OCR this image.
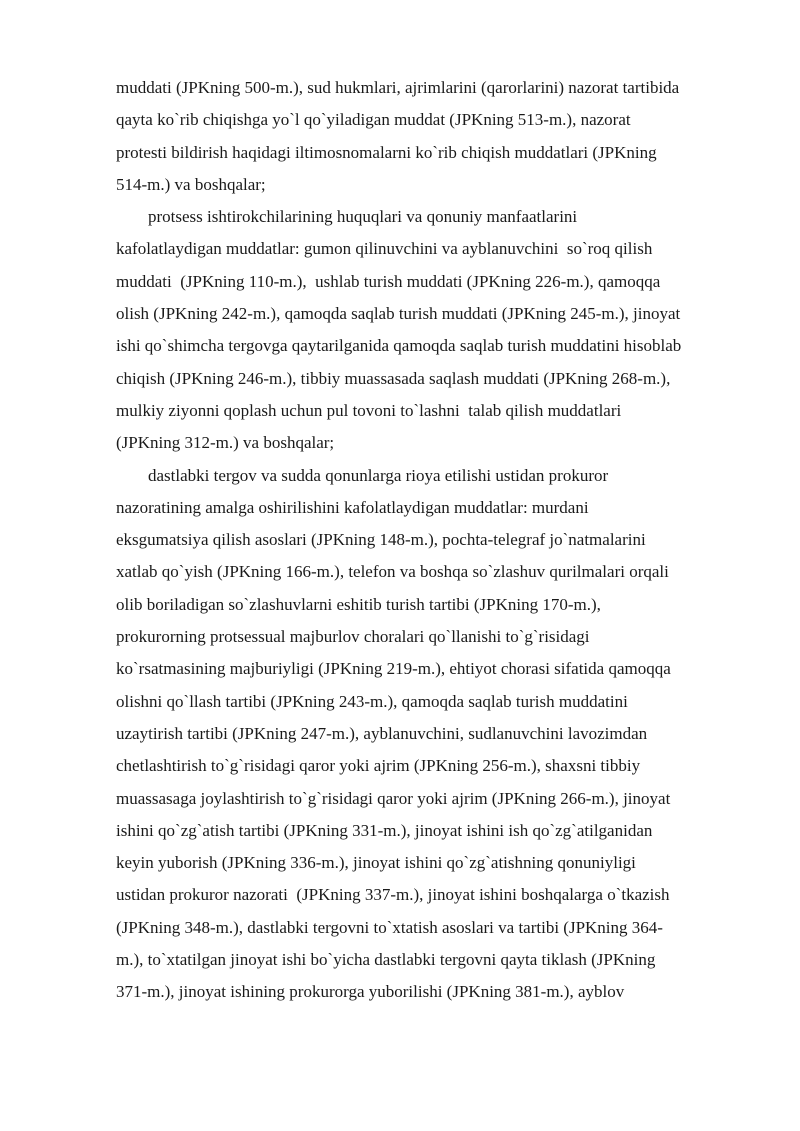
muddati (JPKning 500-m.), sud hukmlari, ajrimlarini (qarorlarini) nazorat tartibida
qayta ko`rib chiqishga yo`l qo`yiladigan muddat (JPKning 513-m.), nazorat
protesti bildirish haqidagi iltimosnomalarni ko`rib chiqish muddatlari (JPKning
514-m.) va boshqalar;
protsess ishtirokchilarining huquqlari va qonuniy manfaatlarini
kafolatlaydigan muddatlar: gumon qilinuvchini va ayblanuvchini  so`roq qilish
muddati  (JPKning 110-m.),  ushlab turish muddati (JPKning 226-m.), qamoqqa
olish (JPKning 242-m.), qamoqda saqlab turish muddati (JPKning 245-m.), jinoyat
ishi qo`shimcha tergovga qaytarilganida qamoqda saqlab turish muddatini hisoblab
chiqish (JPKning 246-m.), tibbiy muassasada saqlash muddati (JPKning 268-m.),
mulkiy ziyonni qoplash uchun pul tovoni to`lashni  talab qilish muddatlari
(JPKning 312-m.) va boshqalar;
dastlabki tergov va sudda qonunlarga rioya etilishi ustidan prokuror
nazoratining amalga oshirilishini kafolatlaydigan muddatlar: murdani
eksgumatsiya qilish asoslari (JPKning 148-m.), pochta-telegraf jo`natmalarini
xatlab qo`yish (JPKning 166-m.), telefon va boshqa so`zlashuv qurilmalari orqali
olib boriladigan so`zlashuvlarni eshitib turish tartibi (JPKning 170-m.),
prokurorning protsessual majburlov choralari qo`llanishi to`g`risidagi
ko`rsatmasining majburiyligi (JPKning 219-m.), ehtiyot chorasi sifatida qamoqqa
olishni qo`llash tartibi (JPKning 243-m.), qamoqda saqlab turish muddatini
uzaytirish tartibi (JPKning 247-m.), ayblanuvchini, sudlanuvchini lavozimdan
chetlashtirish to`g`risidagi qaror yoki ajrim (JPKning 256-m.), shaxsni tibbiy
muassasaga joylashtirish to`g`risidagi qaror yoki ajrim (JPKning 266-m.), jinoyat
ishini qo`zg`atish tartibi (JPKning 331-m.), jinoyat ishini ish qo`zg`atilganidan
keyin yuborish (JPKning 336-m.), jinoyat ishini qo`zg`atishning qonuniyligi
ustidan prokuror nazorati  (JPKning 337-m.), jinoyat ishini boshqalarga o`tkazish
(JPKning 348-m.), dastlabki tergovni to`xtatish asoslari va tartibi (JPKning 364-
m.), to`xtatilgan jinoyat ishi bo`yicha dastlabki tergovni qayta tiklash (JPKning
371-m.), jinoyat ishining prokurorga yuborilishi (JPKning 381-m.), ayblov
